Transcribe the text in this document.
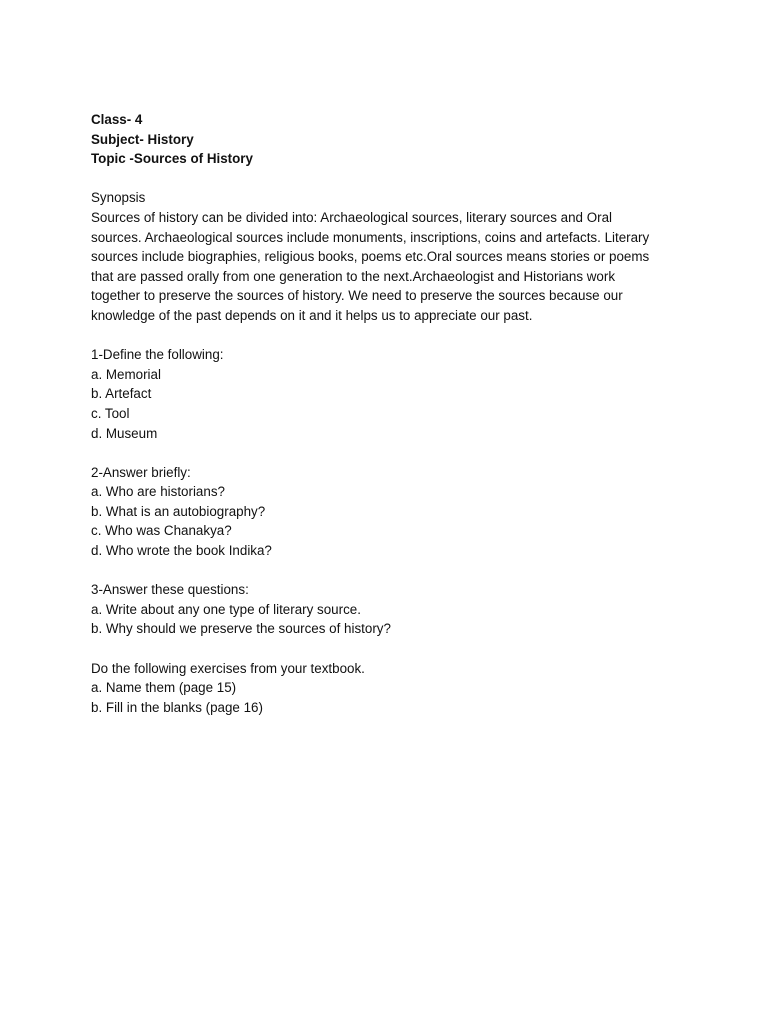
Class- 4
Subject- History
Topic -Sources of History
Synopsis
Sources of history can be divided into: Archaeological sources, literary sources and Oral
sources. Archaeological sources include monuments, inscriptions, coins and artefacts. Literary
sources include biographies, religious books, poems etc.Oral sources means stories or poems
that are passed orally from one generation to the next.Archaeologist and Historians work
together to preserve the sources of history. We need to preserve the sources because our
knowledge of the past depends on it and it helps us to appreciate our past.
1-Define the following:
a. Memorial
b. Artefact
c. Tool
d. Museum
2-Answer briefly:
a. Who are historians?
b. What is an autobiography?
c. Who was Chanakya?
d. Who wrote the book Indika?
3-Answer these questions:
a. Write about any one type of literary source.
b. Why should we preserve the sources of history?
Do the following exercises from your textbook.
a. Name them (page 15)
b. Fill in the blanks (page 16)
